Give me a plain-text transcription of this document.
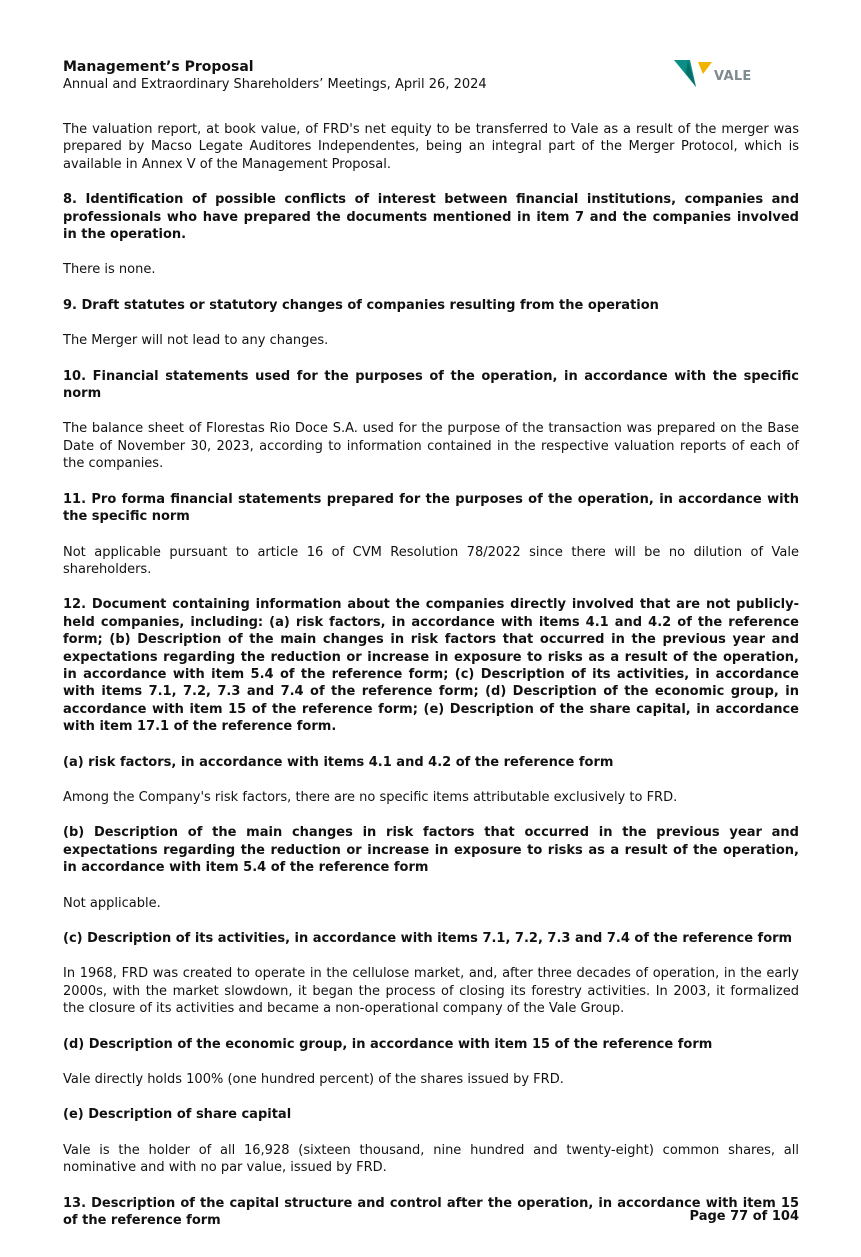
Management’s Proposal
Annual and Extraordinary Shareholders’ Meetings, April 26, 2024
VALE

The valuation report, at book value, of FRD's net equity to be transferred to Vale as a result of the merger was prepared by Macso Legate Auditores Independentes, being an integral part of the Merger Protocol, which is available in Annex V of the Management Proposal.

8. Identification of possible conflicts of interest between financial institutions, companies and professionals who have prepared the documents mentioned in item 7 and the companies involved in the operation.

There is none.

9. Draft statutes or statutory changes of companies resulting from the operation

The Merger will not lead to any changes.

10. Financial statements used for the purposes of the operation, in accordance with the specific norm

The balance sheet of Florestas Rio Doce S.A. used for the purpose of the transaction was prepared on the Base Date of November 30, 2023, according to information contained in the respective valuation reports of each of the companies.

11. Pro forma financial statements prepared for the purposes of the operation, in accordance with the specific norm

Not applicable pursuant to article 16 of CVM Resolution 78/2022 since there will be no dilution of Vale shareholders.

12. Document containing information about the companies directly involved that are not publicly-held companies, including: (a) risk factors, in accordance with items 4.1 and 4.2 of the reference form; (b) Description of the main changes in risk factors that occurred in the previous year and expectations regarding the reduction or increase in exposure to risks as a result of the operation, in accordance with item 5.4 of the reference form; (c) Description of its activities, in accordance with items 7.1, 7.2, 7.3 and 7.4 of the reference form; (d) Description of the economic group, in accordance with item 15 of the reference form; (e) Description of the share capital, in accordance with item 17.1 of the reference form.

(a) risk factors, in accordance with items 4.1 and 4.2 of the reference form

Among the Company's risk factors, there are no specific items attributable exclusively to FRD.

(b) Description of the main changes in risk factors that occurred in the previous year and expectations regarding the reduction or increase in exposure to risks as a result of the operation, in accordance with item 5.4 of the reference form

Not applicable.

(c) Description of its activities, in accordance with items 7.1, 7.2, 7.3 and 7.4 of the reference form

In 1968, FRD was created to operate in the cellulose market, and, after three decades of operation, in the early 2000s, with the market slowdown, it began the process of closing its forestry activities. In 2003, it formalized the closure of its activities and became a non-operational company of the Vale Group.

(d) Description of the economic group, in accordance with item 15 of the reference form

Vale directly holds 100% (one hundred percent) of the shares issued by FRD.

(e) Description of share capital

Vale is the holder of all 16,928 (sixteen thousand, nine hundred and twenty-eight) common shares, all nominative and with no par value, issued by FRD.

13. Description of the capital structure and control after the operation, in accordance with item 15 of the reference form	Page 77 of 104
